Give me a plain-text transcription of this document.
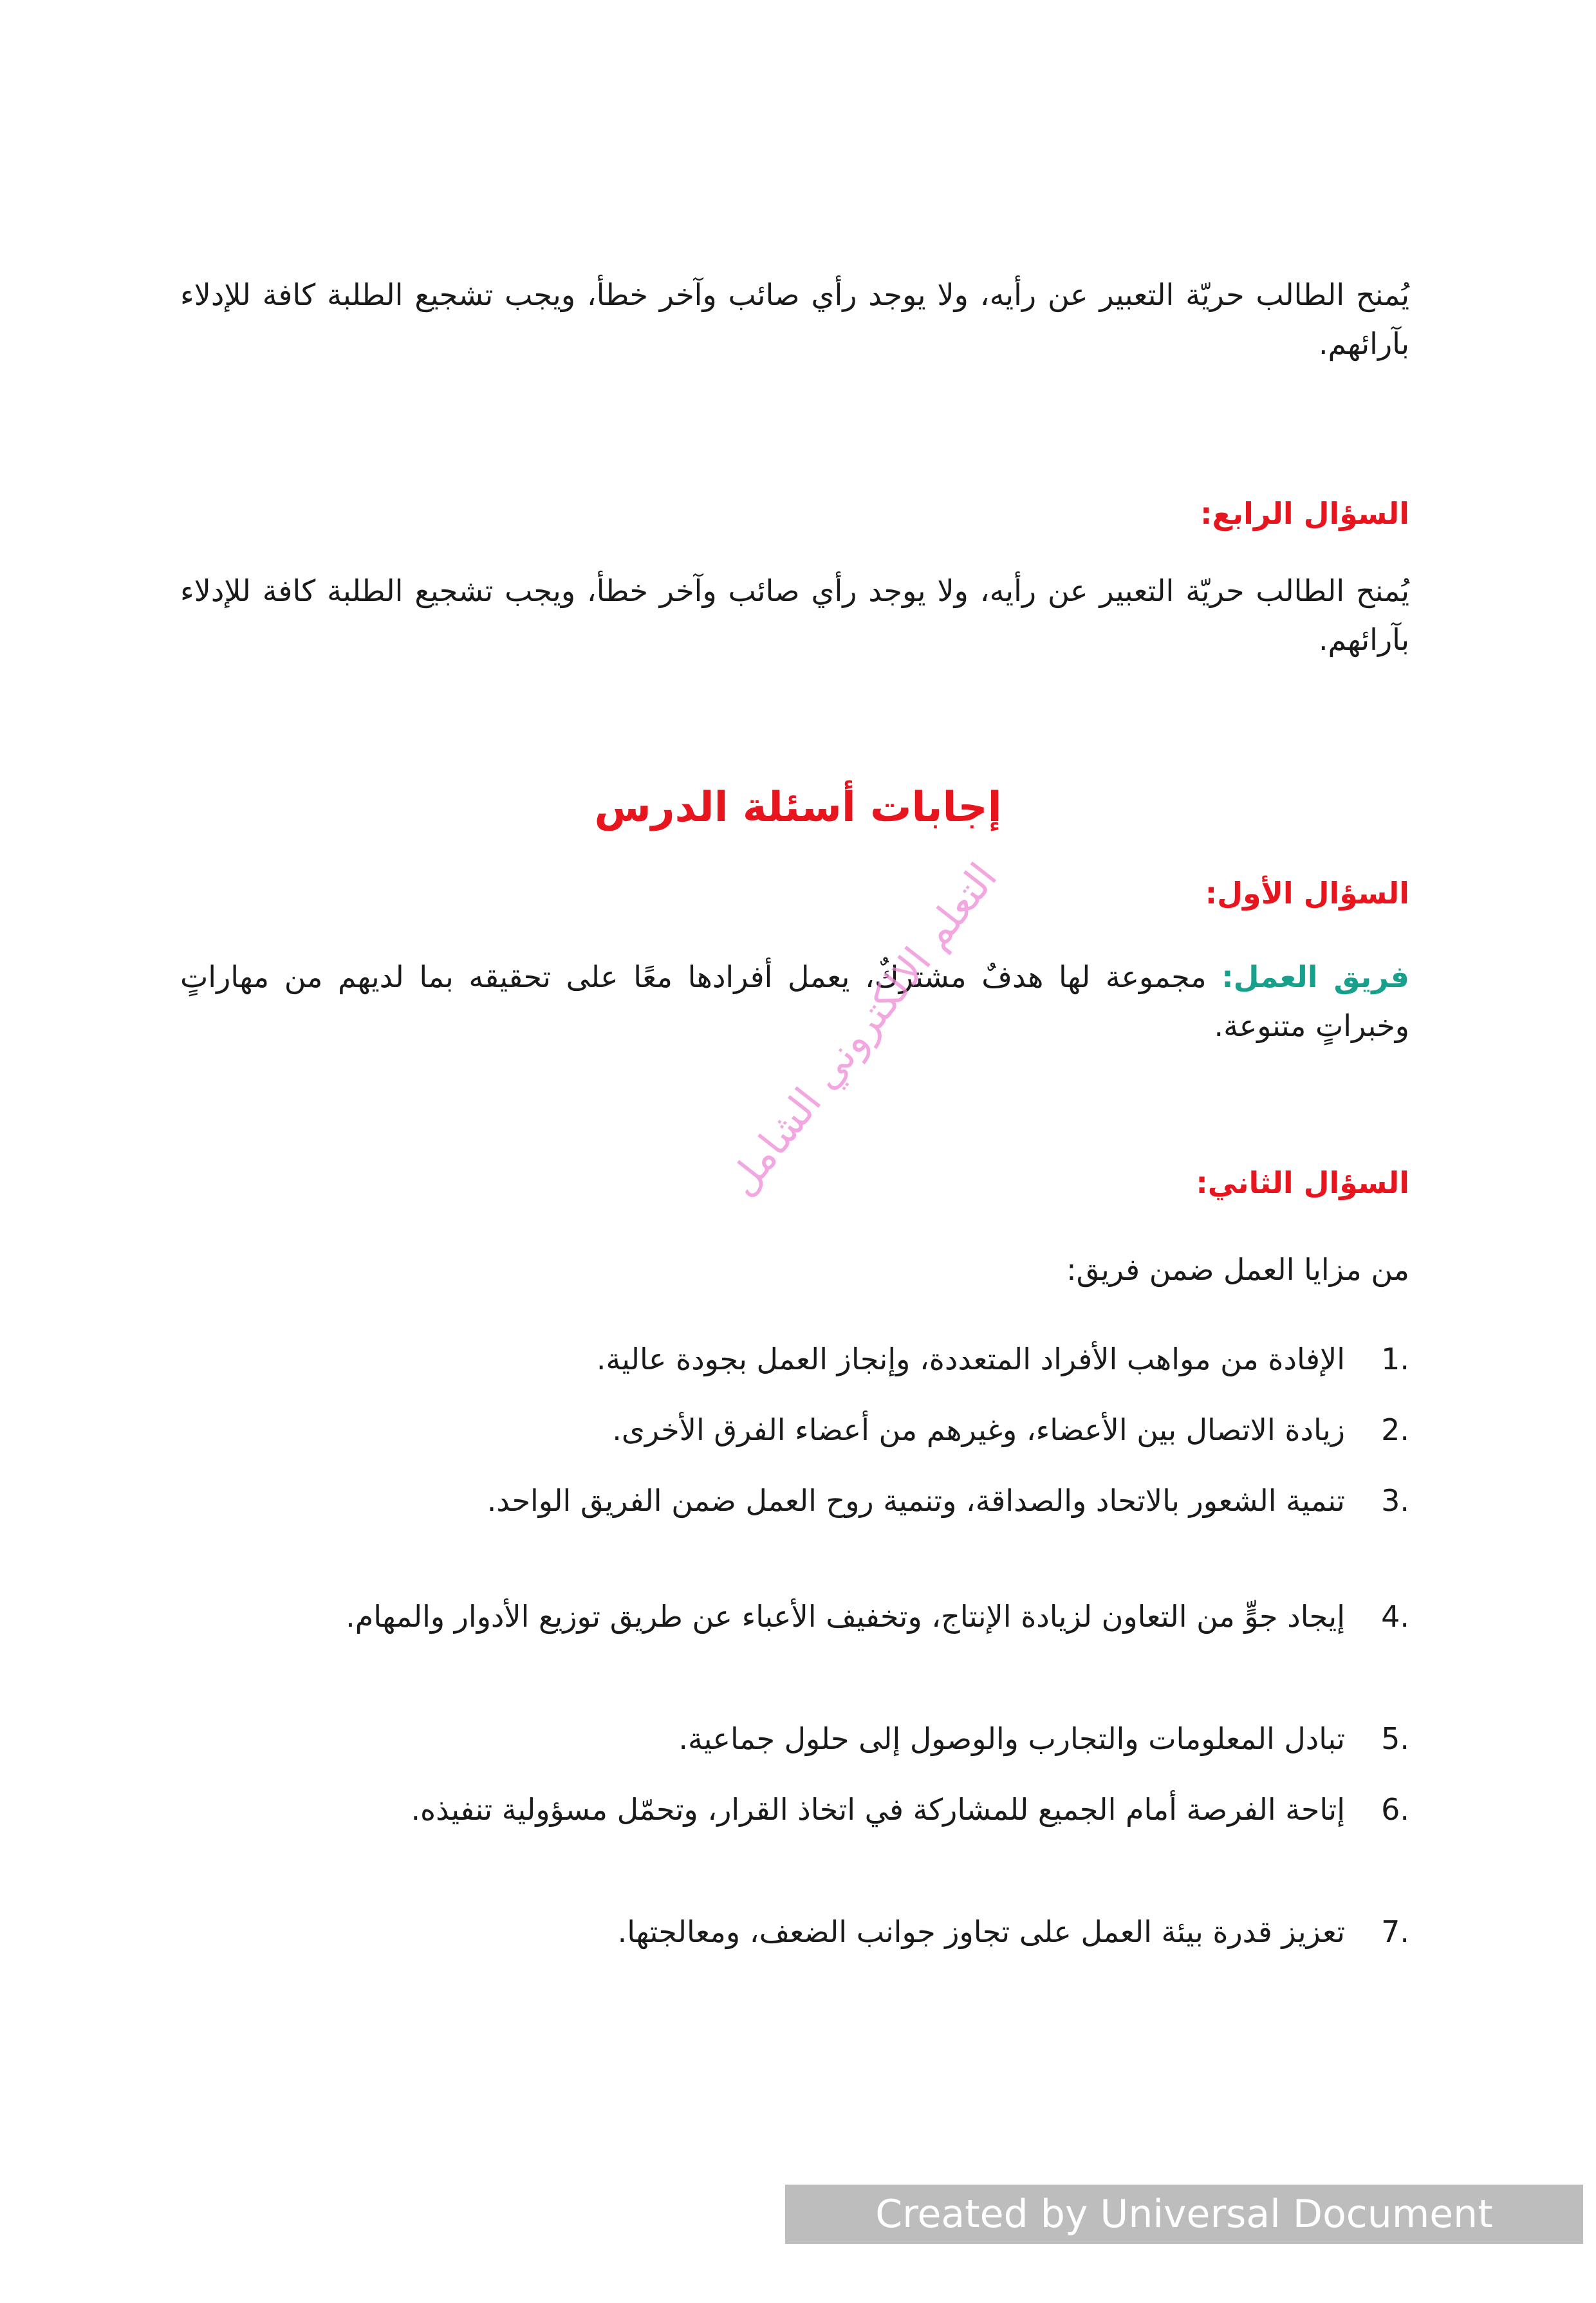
يُمنح الطالب حريّة التعبير عن رأيه، ولا يوجد رأي صائب وآخر خطأ، ويجب تشجيع الطلبة كافة للإدلاء بآرائهم.

السؤال الرابع:

يُمنح الطالب حريّة التعبير عن رأيه، ولا يوجد رأي صائب وآخر خطأ، ويجب تشجيع الطلبة كافة للإدلاء بآرائهم.

إجابات أسئلة الدرس
السؤال الأول:

فريق العمل: مجموعة لها هدفٌ مشتركٌ، يعمل أفرادها معًا على تحقيقه بما لديهم من مهاراتٍ وخبراتٍ متنوعة.

السؤال الثاني:

من مزايا العمل ضمن فريق:

1.
الإفادة من مواهب الأفراد المتعددة، وإنجاز العمل بجودة عالية.
2.
زيادة الاتصال بين الأعضاء، وغيرهم من أعضاء الفرق الأخرى.
3.
تنمية الشعور بالاتحاد والصداقة، وتنمية روح العمل ضمن الفريق الواحد.
4.
إيجاد جوٍّ من التعاون لزيادة الإنتاج، وتخفيف الأعباء عن طريق توزيع الأدوار والمهام.
5.
تبادل المعلومات والتجارب والوصول إلى حلول جماعية.
6.
إتاحة الفرصة أمام الجميع للمشاركة في اتخاذ القرار، وتحمّل مسؤولية تنفيذه.
7.
تعزيز قدرة بيئة العمل على تجاوز جوانب الضعف، ومعالجتها.
التعلم الالكتروني الشامل
Created by Universal Document Converter
